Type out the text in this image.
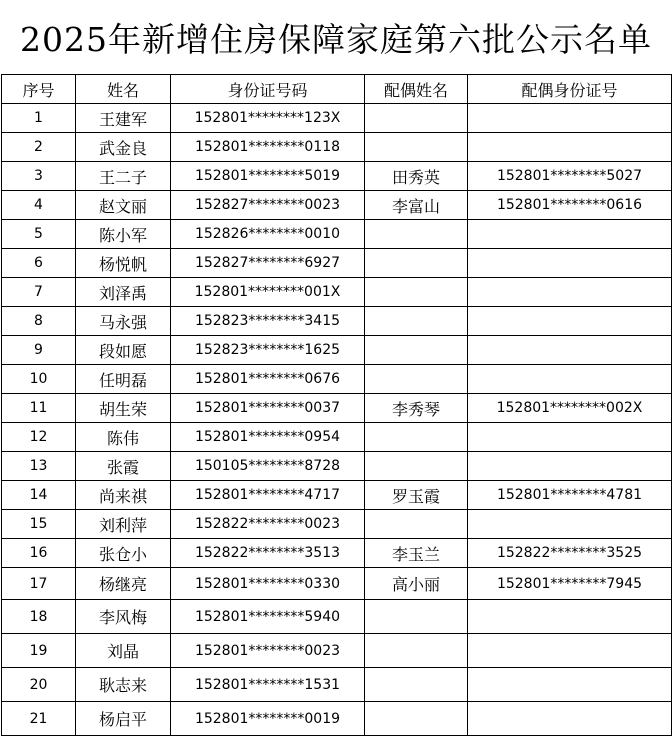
2025年新增住房保障家庭第六批公示名单
序号	姓名	身份证号码	配偶姓名	配偶身份证号
1	王建军	152801********123X		
2	武金良	152801********0118		
3	王二子	152801********5019	田秀英	152801********5027
4	赵文丽	152827********0023	李富山	152801********0616
5	陈小军	152826********0010		
6	杨悦帆	152827********6927		
7	刘泽禹	152801********001X		
8	马永强	152823********3415		
9	段如愿	152823********1625		
10	任明磊	152801********0676		
11	胡生荣	152801********0037	李秀琴	152801********002X
12	陈伟	152801********0954		
13	张霞	150105********8728		
14	尚来祺	152801********4717	罗玉霞	152801********4781
15	刘利萍	152822********0023		
16	张仓小	152822********3513	李玉兰	152822********3525
17	杨继亮	152801********0330	高小丽	152801********7945
18	李风梅	152801********5940		
19	刘晶	152801********0023		
20	耿志来	152801********1531		
21	杨启平	152801********0019		
